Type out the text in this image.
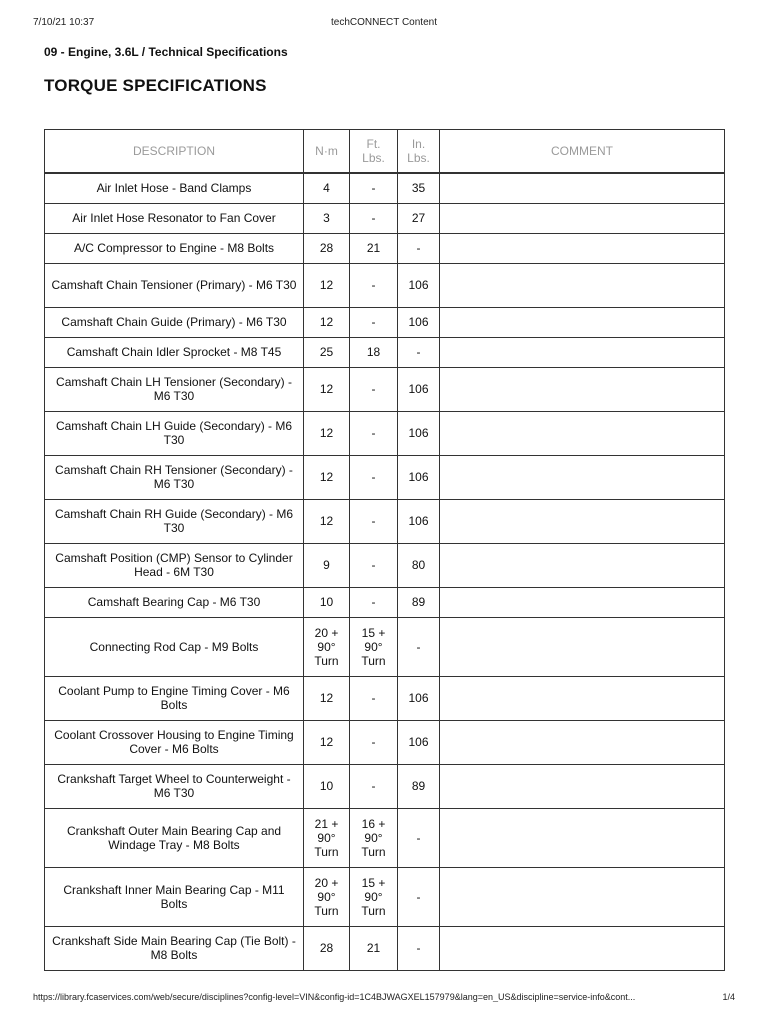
7/10/21 10:37	techCONNECT Content
09 - Engine, 3.6L / Technical Specifications
TORQUE SPECIFICATIONS
DESCRIPTION	N·m	Ft. Lbs.	In. Lbs.	COMMENT
Air Inlet Hose - Band Clamps	4	-	35	
Air Inlet Hose Resonator to Fan Cover	3	-	27	
A/C Compressor to Engine - M8 Bolts	28	21	-	
Camshaft Chain Tensioner (Primary) - M6 T30	12	-	106	
Camshaft Chain Guide (Primary) - M6 T30	12	-	106	
Camshaft Chain Idler Sprocket - M8 T45	25	18	-	
Camshaft Chain LH Tensioner (Secondary) - M6 T30	12	-	106	
Camshaft Chain LH Guide (Secondary) - M6 T30	12	-	106	
Camshaft Chain RH Tensioner (Secondary) - M6 T30	12	-	106	
Camshaft Chain RH Guide (Secondary) - M6 T30	12	-	106	
Camshaft Position (CMP) Sensor to Cylinder Head - 6M T30	9	-	80	
Camshaft Bearing Cap - M6 T30	10	-	89	
Connecting Rod Cap - M9 Bolts	20 + 90° Turn	15 + 90° Turn	-	
Coolant Pump to Engine Timing Cover - M6 Bolts	12	-	106	
Coolant Crossover Housing to Engine Timing Cover - M6 Bolts	12	-	106	
Crankshaft Target Wheel to Counterweight - M6 T30	10	-	89	
Crankshaft Outer Main Bearing Cap and Windage Tray - M8 Bolts	21 + 90° Turn	16 + 90° Turn	-	
Crankshaft Inner Main Bearing Cap - M11 Bolts	20 + 90° Turn	15 + 90° Turn	-	
Crankshaft Side Main Bearing Cap (Tie Bolt) - M8 Bolts	28	21	-	
https://library.fcaservices.com/web/secure/disciplines?config-level=VIN&config-id=1C4BJWAGXEL157979&lang=en_US&discipline=service-info&cont...	1/4
